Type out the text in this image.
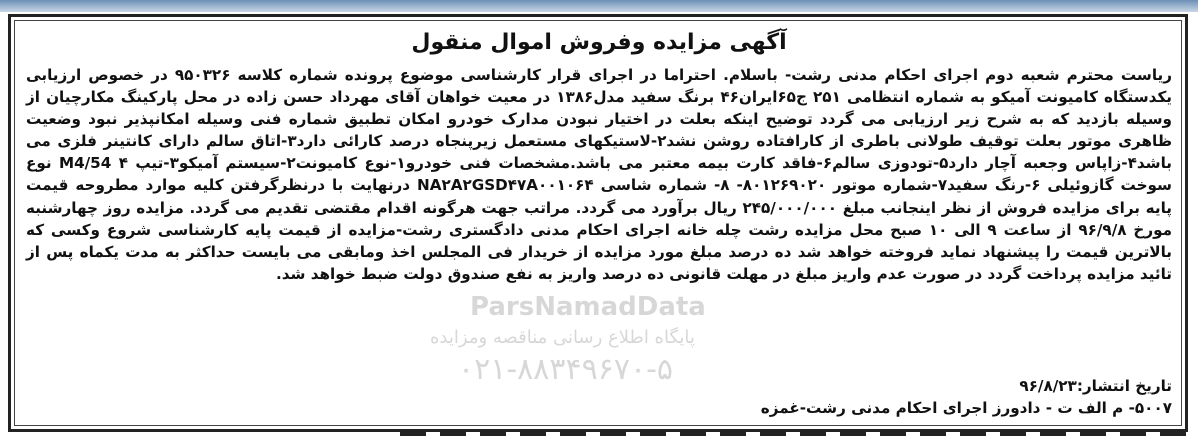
ParsNamadData
پایگاه اطلاع رسانی مناقصه ومزایده
۰۲۱-۸۸۳۴۹۶۷۰-۵
آگهی مزایده وفروش اموال منقول
ریاست محترم شعبه دوم اجرای احکام مدنی رشت- باسلام. احتراما در اجرای قرار کارشناسی موضوع پرونده شماره کلاسه ۹۵۰۳۲۶ در خصوص ارزیابی یکدستگاه کامیونت آمیکو به شماره انتظامی ۲۵۱ ج۶۵ایران۴۶ برنگ سفید مدل۱۳۸۶ در معیت خواهان آقای مهرداد حسن زاده در محل پارکینگ مکارچیان از وسیله بازدید که به شرح زیر ارزیابی می گردد توضیح اینکه بعلت در اختیار نبودن مدارک خودرو امکان تطبیق شماره فنی وسیله امکانپذیر نبود وضعیت ظاهری موتور بعلت توقیف طولانی باطری از کارافتاده روشن نشد۲-لاستیکهای مستعمل زیرپنجاه درصد کارائی دارد۳-اتاق سالم دارای کانتینر فلزی می باشد۴-زاپاس وجعبه آچار دارد۵-تودوزی سالم۶-فاقد کارت بیمه معتبر می باشد.مشخصات فنی خودرو۱-نوع کامیونت۲-سیستم آمیکو۳-تیپ ۴ M4/54 نوع سوخت گازوئیلی ۶-رنگ سفید۷-شماره موتور ۸۰۱۲۶۹۰۲۰- ۸- شماره شاسی NA۲A۲GSD۴۷A۰۰۱۰۶۴ درنهایت با درنظرگرفتن کلیه موارد مطروحه قیمت پایه برای مزایده فروش از نظر اینجانب مبلغ ۲۴۵/۰۰۰/۰۰۰ ریال برآورد می گردد. مراتب جهت هرگونه اقدام مقتضی تقدیم می گردد. مزایده روز چهارشنبه مورخ ۹۶/۹/۸ از ساعت ۹ الی ۱۰ صبح محل مزایده رشت چله خانه اجرای احکام مدنی دادگستری رشت-مزایده از قیمت پایه کارشناسی شروع وکسی که بالاترین قیمت را پیشنهاد نماید فروخته خواهد شد ده درصد مبلغ مورد مزایده از خریدار فی المجلس اخذ ومابقی می بایست حداکثر به مدت یکماه پس از تائید مزایده پرداخت گردد در صورت عدم واریز مبلغ در مهلت قانونی ده درصد واریز به نفع صندوق دولت ضبط خواهد شد.
تاریخ انتشار:۹۶/۸/۲۳
۵۰۰۷- م الف ت - دادورز اجرای احکام مدنی رشت-غمزه
